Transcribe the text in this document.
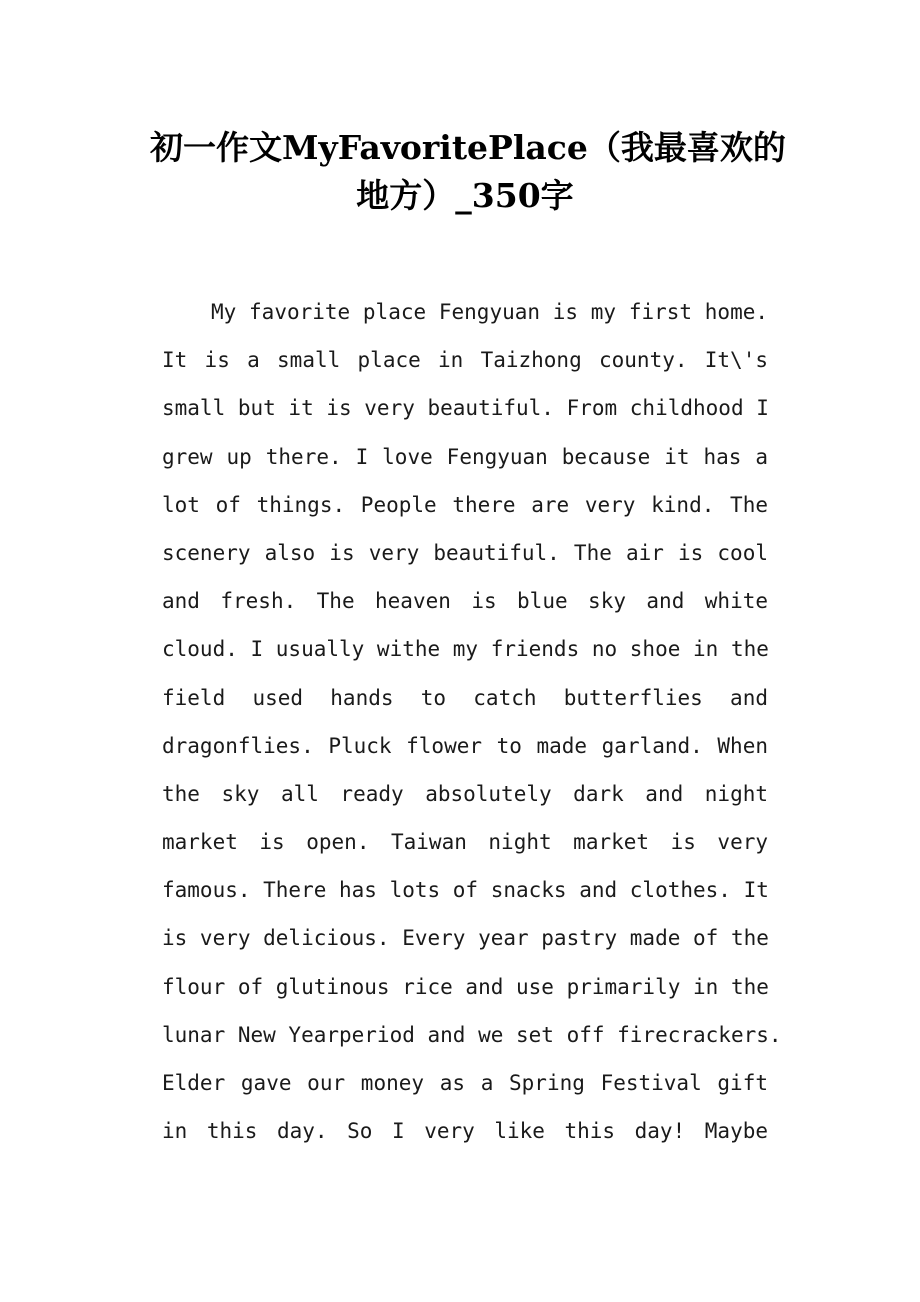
初一作文MyFavoritePlace（我最喜欢的
地方）_350字
My favorite place Fengyuan is my first home.
It is a small place in Taizhong county. It\'s
small but it is very beautiful. From childhood I
grew up there. I love Fengyuan because it has a
lot of things. People there are very kind. The
scenery also is very beautiful. The air is cool
and fresh. The heaven is blue sky and white
cloud. I usually withe my friends no shoe in the
field used hands to catch butterflies and
dragonflies. Pluck flower to made garland. When
the sky all ready absolutely dark and night
market is open. Taiwan night market is very
famous. There has lots of snacks and clothes. It
is very delicious. Every year pastry made of the
flour of glutinous rice and use primarily in the
lunar New Yearperiod and we set off firecrackers.
Elder gave our money as a Spring Festival gift
in this day. So I very like this day! Maybe
